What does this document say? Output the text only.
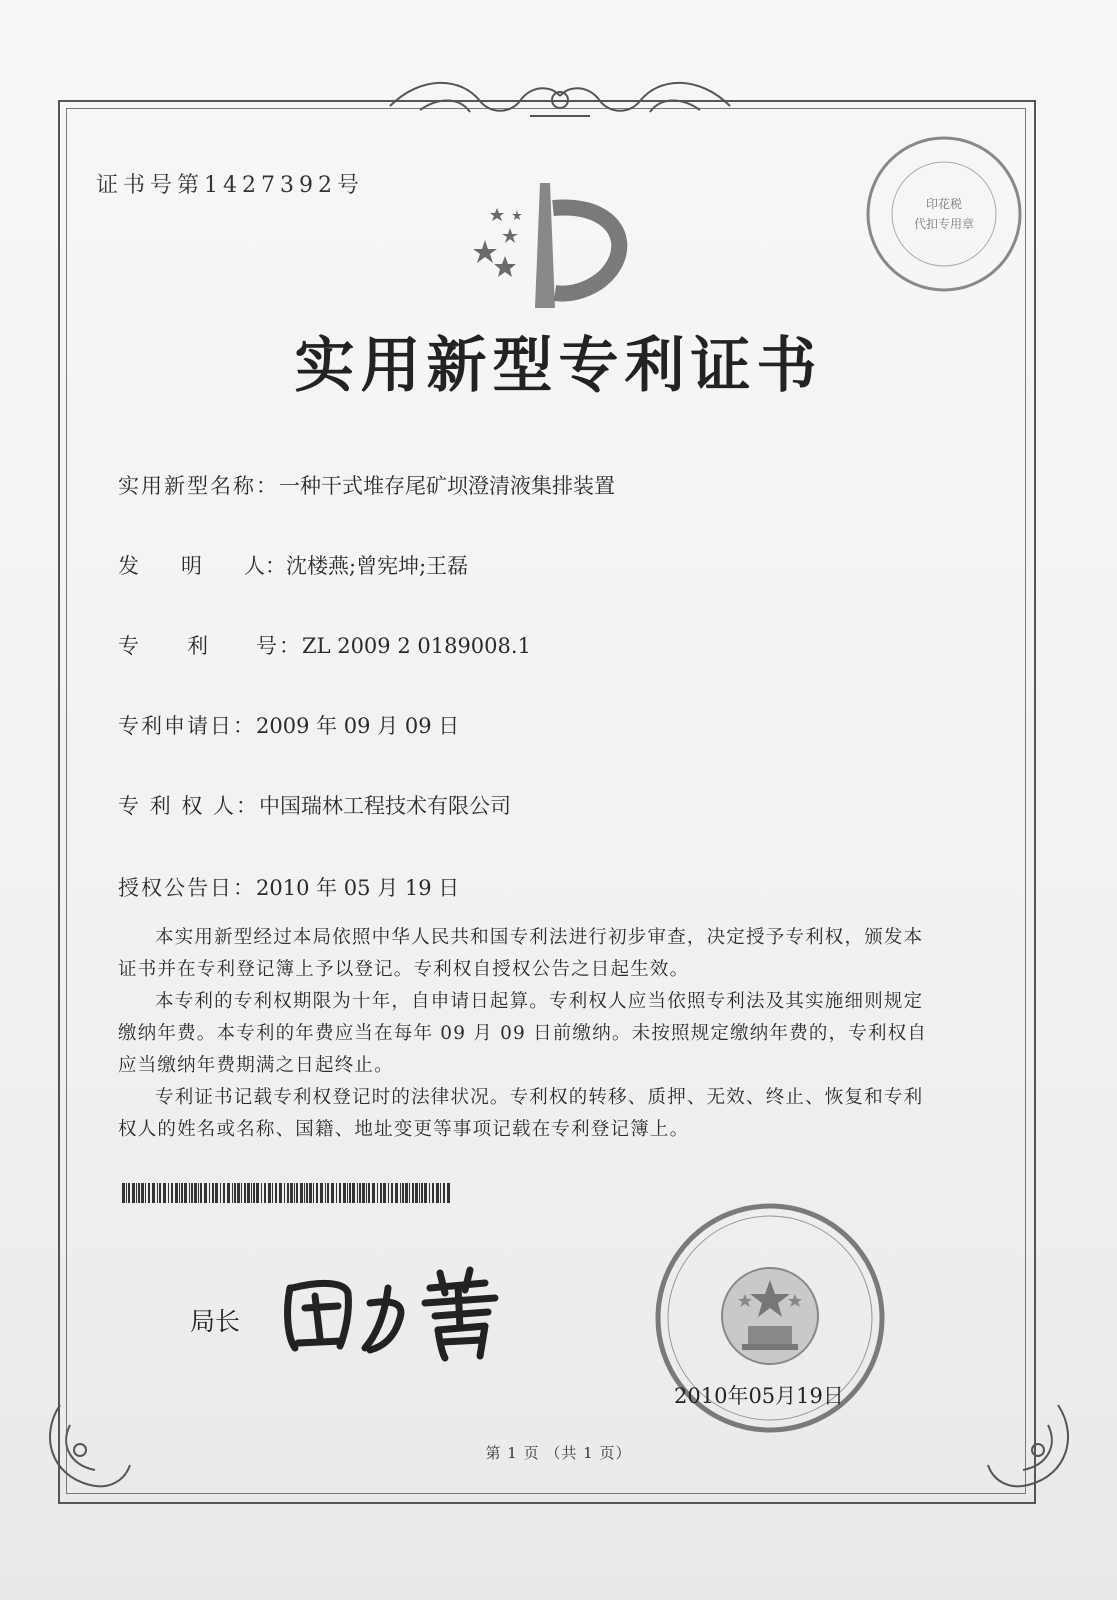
证书号第1427392号
印花税
代扣专用章
实用新型专利证书
实用新型名称：一种干式堆存尾矿坝澄清液集排装置
发　　明　　人：沈楼燕;曾宪坤;王磊
专　　利　　号：ZL 2009 2 0189008.1
专利申请日：2009 年 09 月 09 日
专 利 权 人：中国瑞林工程技术有限公司
授权公告日：2010 年 05 月 19 日

本实用新型经过本局依照中华人民共和国专利法进行初步审查，决定授予专利权，颁发本证书并在专利登记簿上予以登记。专利权自授权公告之日起生效。

本专利的专利权期限为十年，自申请日起算。专利权人应当依照专利法及其实施细则规定缴纳年费。本专利的年费应当在每年 09 月 09 日前缴纳。未按照规定缴纳年费的，专利权自应当缴纳年费期满之日起终止。

专利证书记载专利权登记时的法律状况。专利权的转移、质押、无效、终止、恢复和专利权人的姓名或名称、国籍、地址变更等事项记载在专利登记簿上。

局长
2010年05月19日
第 1 页 （共 1 页）
